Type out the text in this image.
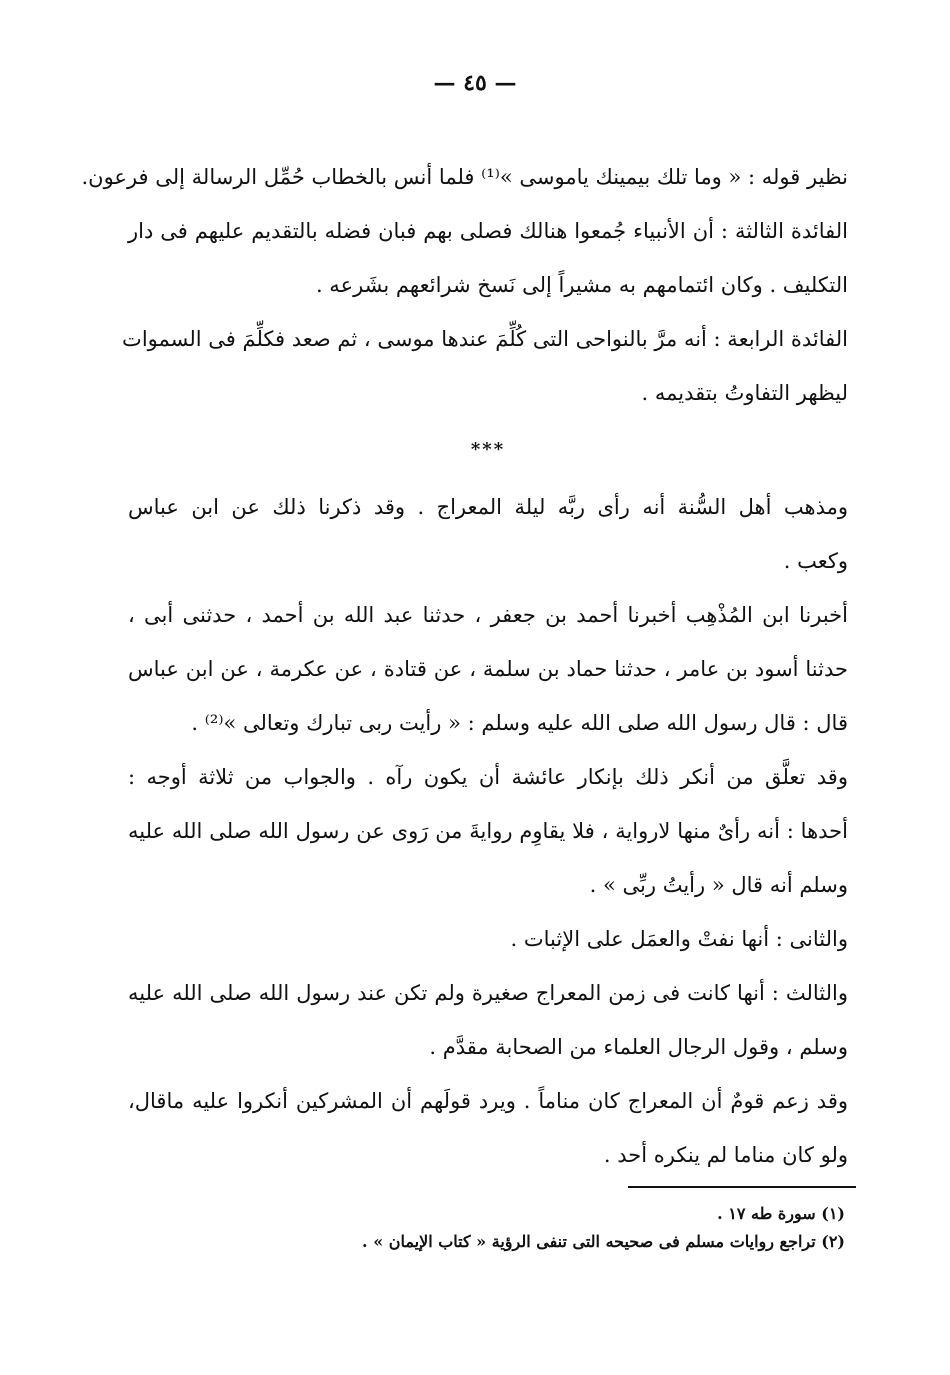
— ٤٥ —
نظير قوله : « وما تلك بيمينك ياموسى »⁽¹⁾ فلما أنس بالخطاب حُمِّل الرسالة إلى فرعون.
الفائدة الثالثة : أن الأنبياء جُمعوا هنالك فصلى بهم فبان فضله بالتقديم عليهم فى دار
التكليف . وكان ائتمامهم به مشيراً إلى نَسخ شرائعهم بشَرعه .
الفائدة الرابعة : أنه مرَّ بالنواحى التى كُلِّمَ عندها موسى ، ثم صعد فكلِّمَ فى السموات
ليظهر التفاوتُ بتقديمه .
***
ومذهب أهل السُّنة أنه رأى ربَّه ليلة المعراج . وقد ذكرنا ذلك عن ابن عباس
وكعب .
أخبرنا ابن المُذْهِب أخبرنا أحمد بن جعفر ، حدثنا عبد الله بن أحمد ، حدثنى أبى ،
حدثنا أسود بن عامر ، حدثنا حماد بن سلمة ، عن قتادة ، عن عكرمة ، عن ابن عباس
قال : قال رسول الله صلى الله عليه وسلم : « رأيت ربى تبارك وتعالى »⁽²⁾ .
وقد تعلَّق من أنكر ذلك بإنكار عائشة أن يكون رآه . والجواب من ثلاثة أوجه :
أحدها : أنه رأىٌ منها لارواية ، فلا يقاوِم روايةَ من رَوى عن رسول الله صلى الله عليه
وسلم أنه قال « رأيتُ ربِّى » .
والثانى : أنها نفتْ والعمَل على الإثبات .
والثالث : أنها كانت فى زمن المعراج صغيرة ولم تكن عند رسول الله صلى الله عليه
وسلم ، وقول الرجال العلماء من الصحابة مقدَّم .
وقد زعم قومٌ أن المعراج كان مناماً . ويرد قولَهم أن المشركين أنكروا عليه ماقال،
ولو كان مناما لم ينكره أحد .
(١) سورة طه ١٧ .
(٢) تراجع روايات مسلم فى صحيحه التى تنفى الرؤية « كتاب الإيمان » .
